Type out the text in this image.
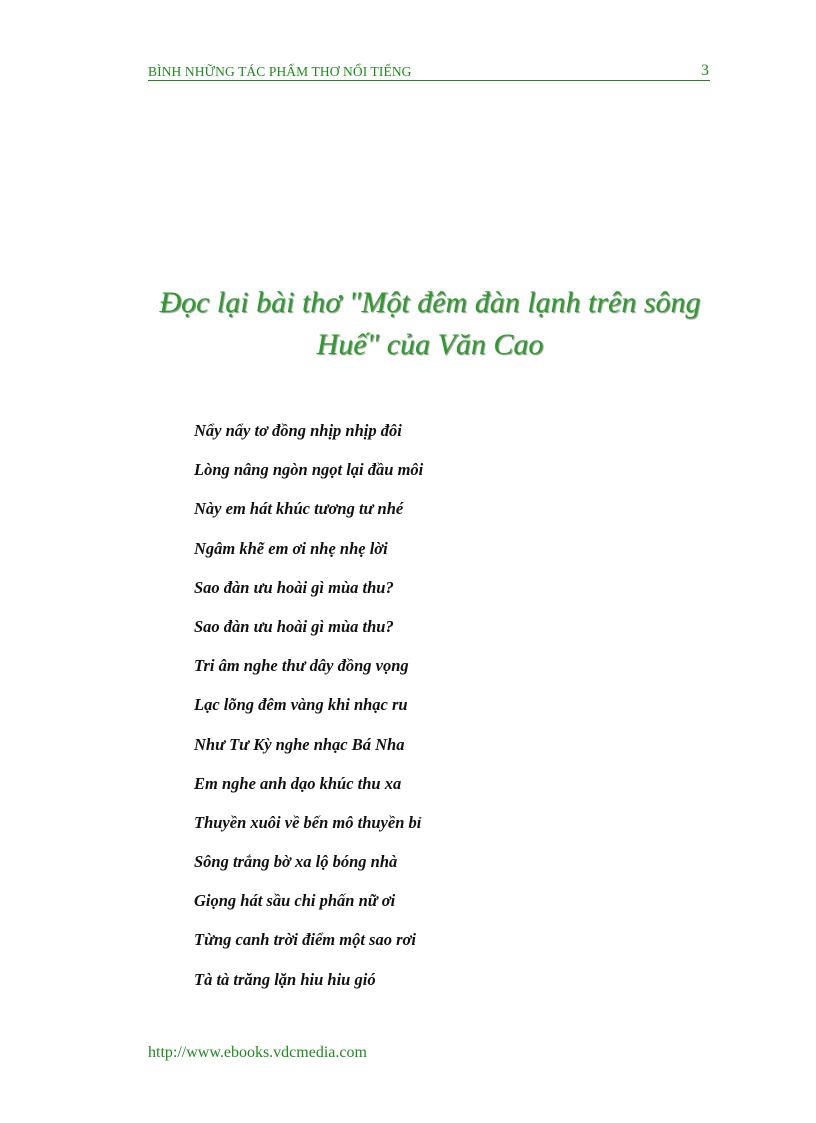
BÌNH NHỮNG TÁC PHẨM THƠ NỔI TIẾNG	3
Đọc lại bài thơ "Một đêm đàn lạnh trên sông
Huế" của Văn Cao
Nẩy nẩy tơ đồng nhịp nhịp đôi
Lòng nâng ngòn ngọt lại đầu môi
Này em hát khúc tương tư nhé
Ngâm khẽ em ơi nhẹ nhẹ lời
Sao đàn ưu hoài gì mùa thu?
Sao đàn ưu hoài gì mùa thu?
Tri âm nghe thư dây đồng vọng
Lạc lõng đêm vàng khi nhạc ru
Như Tư Kỳ nghe nhạc Bá Nha
Em nghe anh dạo khúc thu xa
Thuyền xuôi về bến mô thuyền bỉ
Sông trắng bờ xa lộ bóng nhà
Giọng hát sầu chi phấn nữ ơi
Từng canh trời điểm một sao rơi
Tà tà trăng lặn hiu hiu gió
http://www.ebooks.vdcmedia.com
